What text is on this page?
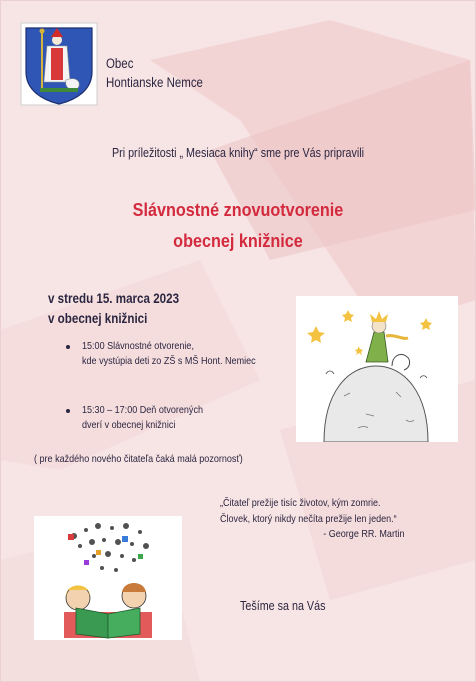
Obec
Hontianske Nemce
Pri príležitosti „ Mesiaca knihy“ sme pre Vás pripravili
Slávnostné znovuotvorenie
obecnej knižnice
v stredu 15. marca 2023
v obecnej knižnici
15:00 Slávnostné otvorenie,
kde vystúpia deti zo ZŠ s MŠ Hont. Nemiec
15:30 – 17:00 Deň otvorených
dverí v obecnej knižnici
( pre každého nového čitateľa čaká malá pozornosť)
„Čitateľ prežije tisíc životov, kým zomrie.
Človek, ktorý nikdy nečíta prežije len jeden.“
- George RR. Martin
Tešíme sa na Vás
